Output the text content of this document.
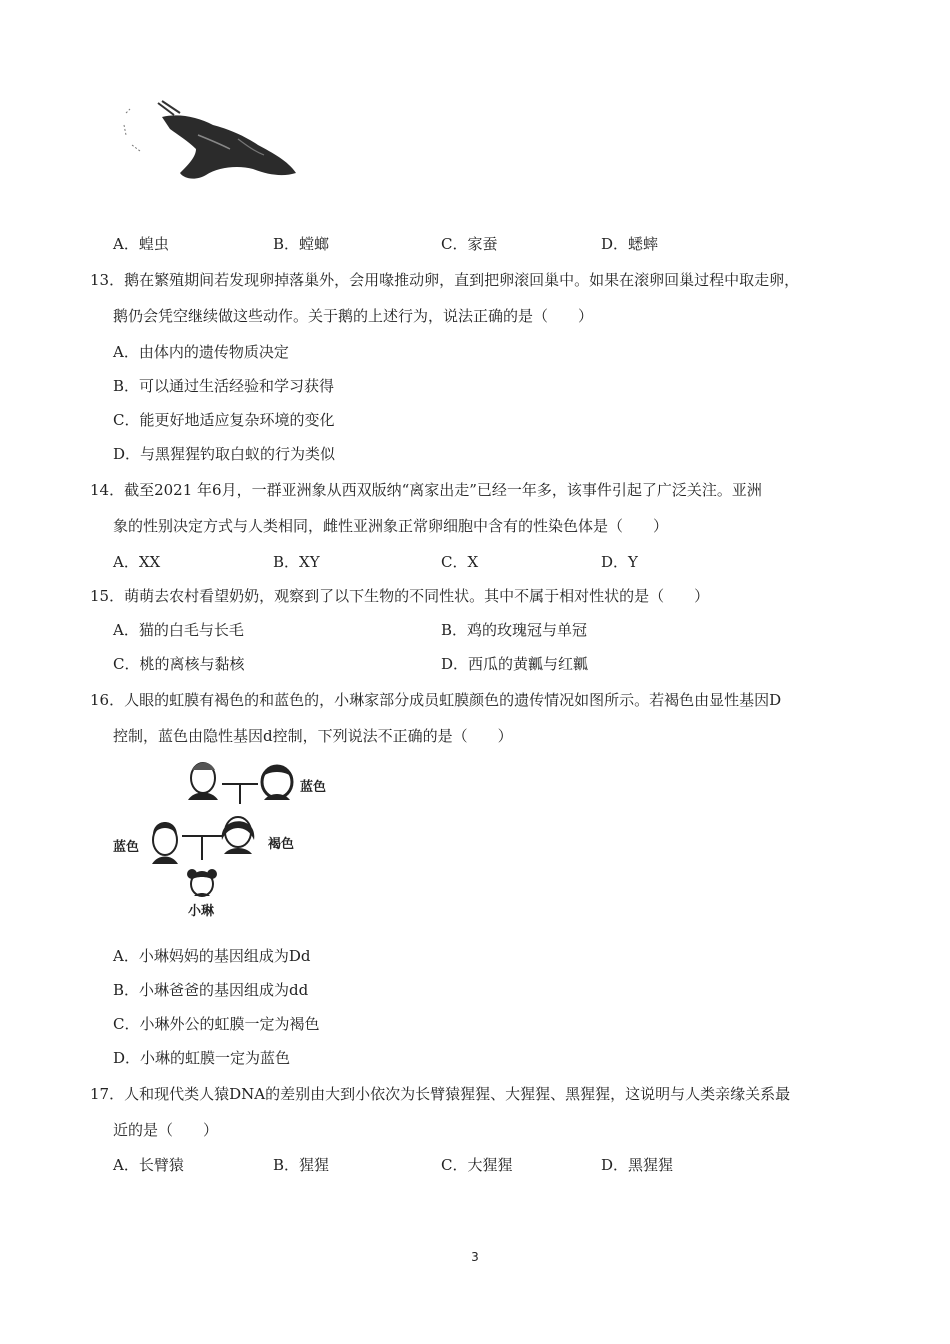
A．蝗虫	B．螳螂	C．家蚕	D．蟋蟀
13．鹅在繁殖期间若发现卵掉落巢外，会用喙推动卵，直到把卵滚回巢中。如果在滚卵回巢过程中取走卵，
鹅仍会凭空继续做这些动作。关于鹅的上述行为，说法正确的是（　　）
A．由体内的遗传物质决定
B．可以通过生活经验和学习获得
C．能更好地适应复杂环境的变化
D．与黑猩猩钓取白蚁的行为类似
14．截至2021 年6月，一群亚洲象从西双版纳“离家出走”已经一年多，该事件引起了广泛关注。亚洲
象的性别决定方式与人类相同，雌性亚洲象正常卵细胞中含有的性染色体是（　　）
A．XX	B．XY	C．X	D．Y
15．萌萌去农村看望奶奶，观察到了以下生物的不同性状。其中不属于相对性状的是（　　）
A．猫的白毛与长毛	B．鸡的玫瑰冠与单冠
C．桃的离核与黏核	D．西瓜的黄瓤与红瓤
16．人眼的虹膜有褐色的和蓝色的，小琳家部分成员虹膜颜色的遗传情况如图所示。若褐色由显性基因D
控制，蓝色由隐性基因d控制，下列说法不正确的是（　　）
蓝色
蓝色	褐色
小琳
A．小琳妈妈的基因组成为Dd
B．小琳爸爸的基因组成为dd
C．小琳外公的虹膜一定为褐色
D．小琳的虹膜一定为蓝色
17．人和现代类人猿DNA的差别由大到小依次为长臂猿猩猩、大猩猩、黑猩猩，这说明与人类亲缘关系最
近的是（　　）
A．长臂猿	B．猩猩	C．大猩猩	D．黑猩猩
3
